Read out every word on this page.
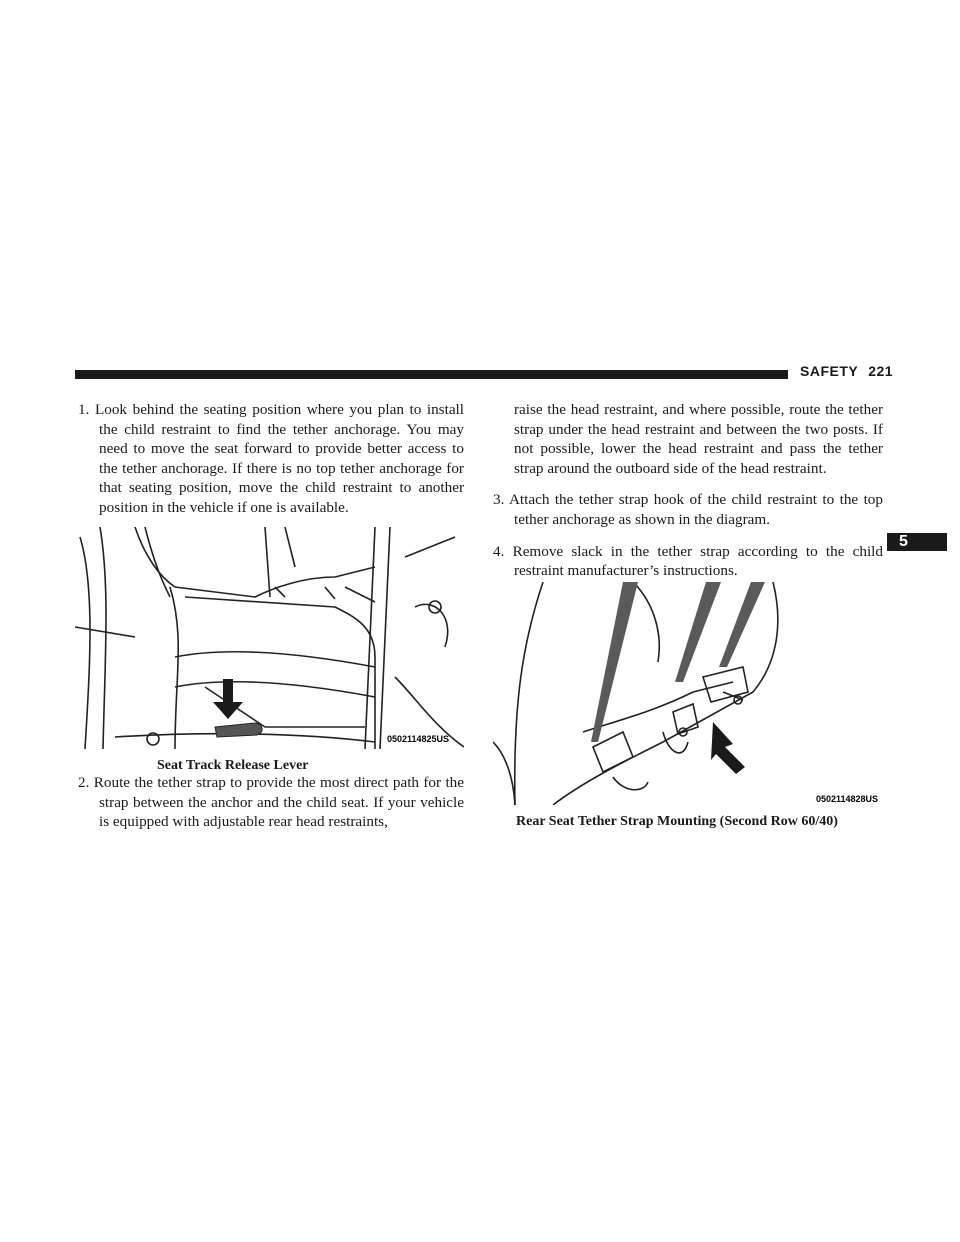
SAFETY 221
5

1. Look behind the seating position where you plan to install the child restraint to find the tether anchorage. You may need to move the seat forward to provide better access to the tether anchorage. If there is no top tether anchorage for that seating position, move the child restraint to another position in the vehicle if one is available.

0502114825US
Seat Track Release Lever

2. Route the tether strap to provide the most direct path for the strap between the anchor and the child seat. If your vehicle is equipped with adjustable rear head restraints,

raise the head restraint, and where possible, route the tether strap under the head restraint and between the two posts. If not possible, lower the head restraint and pass the tether strap around the outboard side of the head restraint.

3. Attach the tether strap hook of the child restraint to the top tether anchorage as shown in the diagram.

4. Remove slack in the tether strap according to the child restraint manufacturer’s instructions.

0502114828US
Rear Seat Tether Strap Mounting (Second Row 60/40)
